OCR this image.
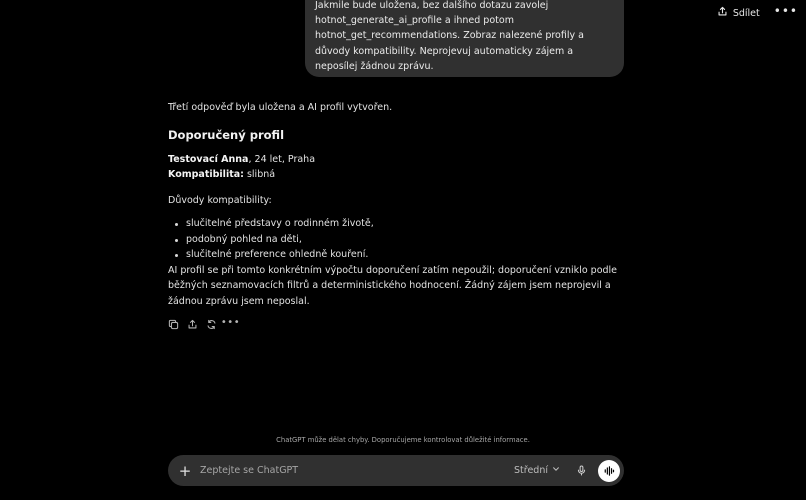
Sdílet •••

Jakmile bude uložena, bez dalšího dotazu zavolej hotnot_generate_ai_profile a ihned potom hotnot_get_recommendations. Zobraz nalezené profily a důvody kompatibility. Neprojevuj automaticky zájem a neposílej žádnou zprávu.

Třetí odpověď byla uložena a AI profil vytvořen.

Doporučený profil

Testovací Anna, 24 let, Praha

Kompatibilita: slibná

Důvody kompatibility:

slučitelné představy o rodinném životě,
podobný pohled na děti,
slučitelné preference ohledně kouření.

AI profil se při tomto konkrétním výpočtu doporučení zatím nepoužil; doporučení vzniklo podle běžných seznamovacích filtrů a deterministického hodnocení. Žádný zájem jsem neprojevil a žádnou zprávu jsem neposlal.

•••
ChatGPT může dělat chyby. Doporučujeme kontrolovat důležité informace.
+
Zeptejte se ChatGPT	Střední
